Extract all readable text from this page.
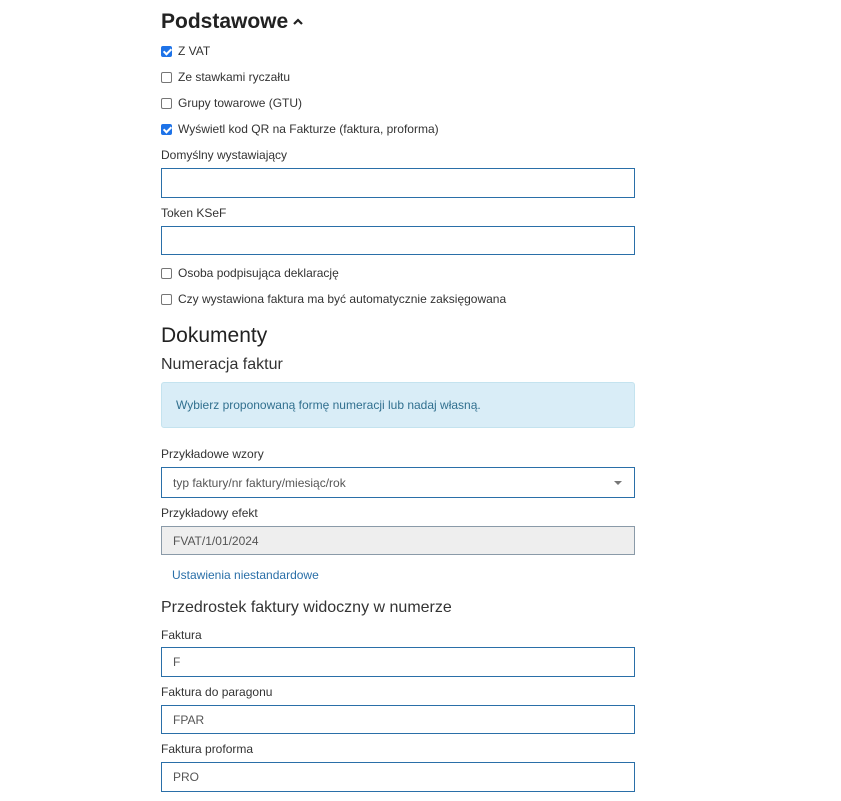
Podstawowe
Z VAT
Ze stawkami ryczałtu
Grupy towarowe (GTU)
Wyświetl kod QR na Fakturze (faktura, proforma)
Domyślny wystawiający
Token KSeF
Osoba podpisująca deklarację
Czy wystawiona faktura ma być automatycznie zaksięgowana
Dokumenty
Numeracja faktur
Wybierz proponowaną formę numeracji lub nadaj własną.
Przykładowe wzory
typ faktury/nr faktury/miesiąc/rok
Przykładowy efekt
FVAT/1/01/2024
Ustawienia niestandardowe
Przedrostek faktury widoczny w numerze
Faktura
F
Faktura do paragonu
FPAR
Faktura proforma
PRO
